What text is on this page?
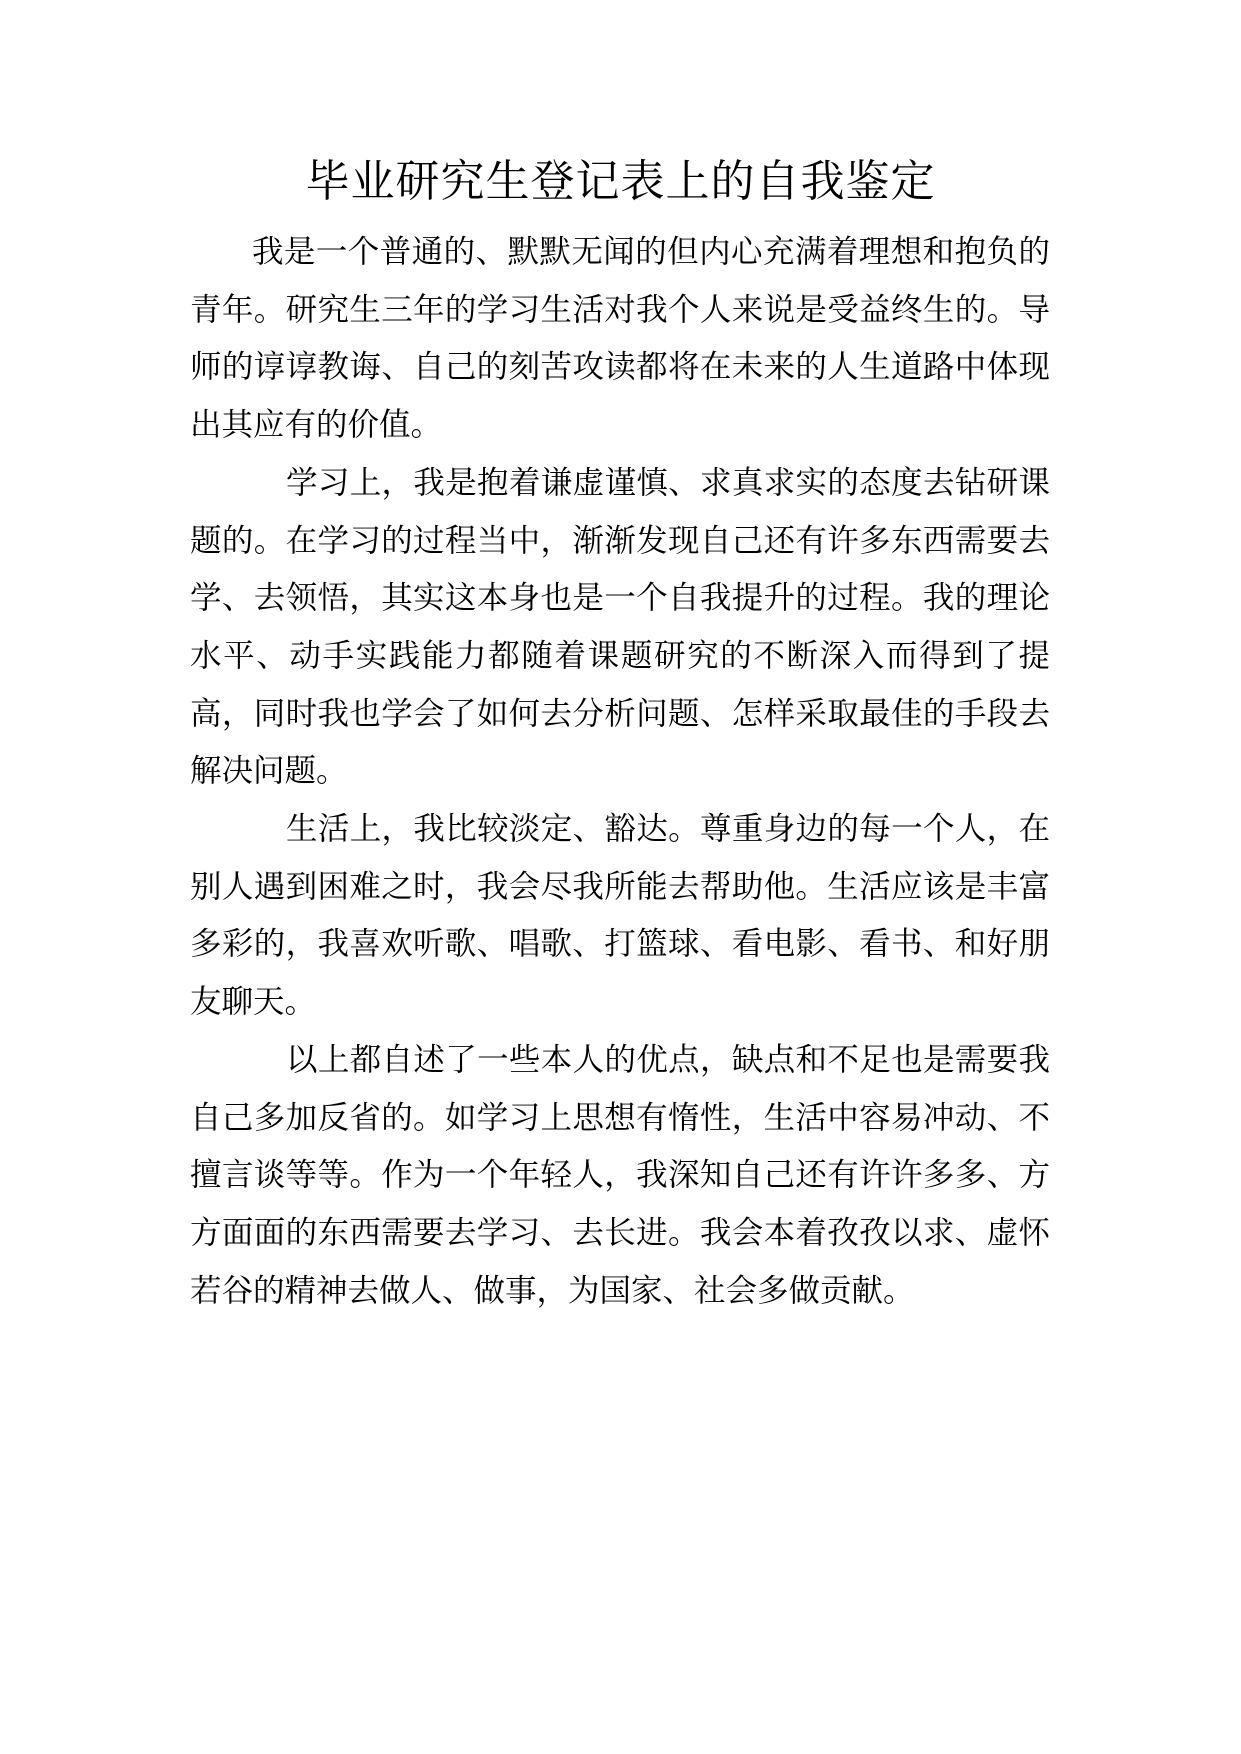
毕业研究生登记表上的自我鉴定

我是一个普通的、默默无闻的但内心充满着理想和抱负的青年。研究生三年的学习生活对我个人来说是受益终生的。导师的谆谆教诲、自己的刻苦攻读都将在未来的人生道路中体现出其应有的价值。

学习上，我是抱着谦虚谨慎、求真求实的态度去钻研课题的。在学习的过程当中，渐渐发现自己还有许多东西需要去学、去领悟，其实这本身也是一个自我提升的过程。我的理论水平、动手实践能力都随着课题研究的不断深入而得到了提高，同时我也学会了如何去分析问题、怎样采取最佳的手段去解决问题。

生活上，我比较淡定、豁达。尊重身边的每一个人，在别人遇到困难之时，我会尽我所能去帮助他。生活应该是丰富多彩的，我喜欢听歌、唱歌、打篮球、看电影、看书、和好朋友聊天。

以上都自述了一些本人的优点，缺点和不足也是需要我自己多加反省的。如学习上思想有惰性，生活中容易冲动、不擅言谈等等。作为一个年轻人，我深知自己还有许许多多、方方面面的东西需要去学习、去长进。我会本着孜孜以求、虚怀若谷的精神去做人、做事，为国家、社会多做贡献。
